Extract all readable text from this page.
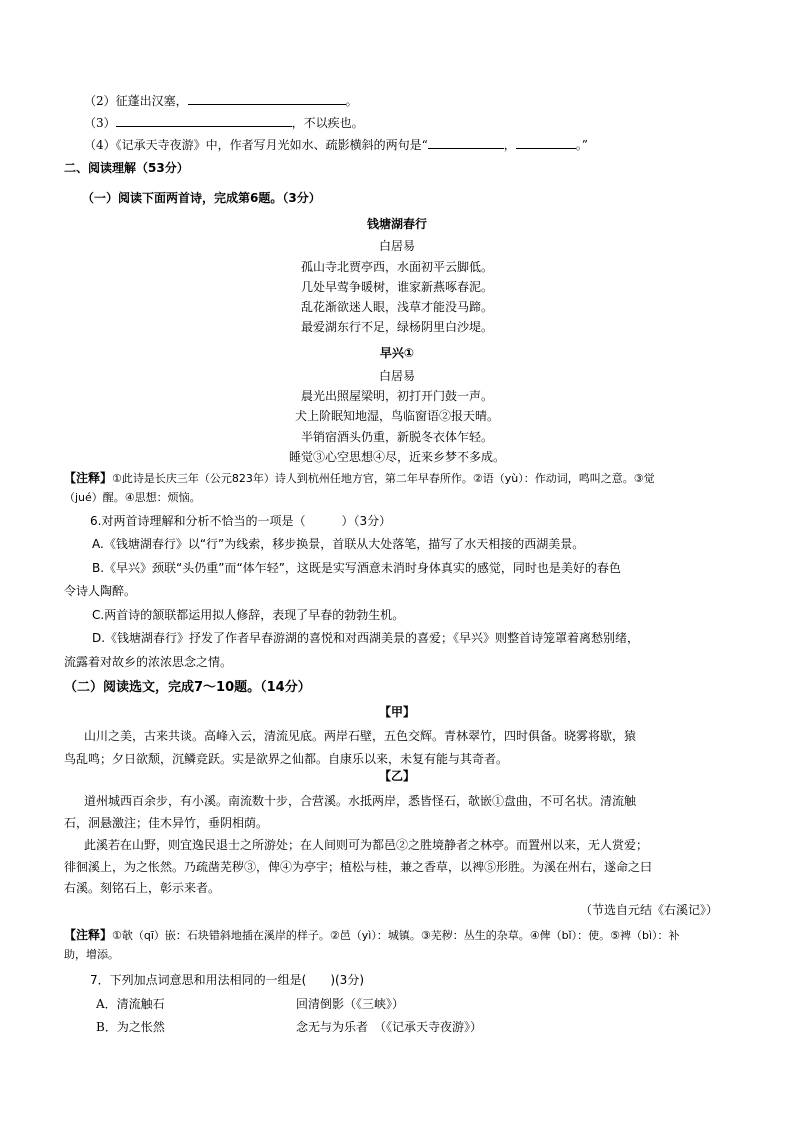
（2）征蓬出汉塞，	。
（3）	，不以疾也。
（4）《记承天寺夜游》中，作者写月光如水、疏影横斜的两句是“	，	。”
二、阅读理解（53分）
（一）阅读下面两首诗，完成第6题。（3分）
钱塘湖春行
白居易
孤山寺北贾亭西，水面初平云脚低。
几处早莺争暖树，谁家新燕啄春泥。
乱花渐欲迷人眼，浅草才能没马蹄。
最爱湖东行不足，绿杨阴里白沙堤。
早兴①
白居易
晨光出照屋梁明，初打开门鼓一声。
犬上阶眠知地湿，鸟临窗语②报天晴。
半销宿酒头仍重，新脱冬衣体乍轻。
睡觉③心空思想④尽，近来乡梦不多成。
【注释】①此诗是长庆三年（公元823年）诗人到杭州任地方官，第二年早春所作。②语（yù）：作动词，鸣叫之意。③觉
（jué）醒。④思想：烦恼。
6.对两首诗理解和分析不恰当的一项是（　　　）（3分）
A.《钱塘湖春行》以“行”为线索，移步换景，首联从大处落笔，描写了水天相接的西湖美景。
B.《早兴》颈联“头仍重”而“体乍轻”，这既是实写酒意未消时身体真实的感觉，同时也是美好的春色
令诗人陶醉。
C.两首诗的颔联都运用拟人修辞，表现了早春的勃勃生机。
D.《钱塘湖春行》抒发了作者早春游湖的喜悦和对西湖美景的喜爱；《早兴》则整首诗笼罩着离愁别绪，
流露着对故乡的浓浓思念之情。
（二）阅读选文，完成7～10题。（14分）
【甲】
山川之美，古来共谈。高峰入云，清流见底。两岸石壁，五色交辉。青林翠竹，四时俱备。晓雾将歇，猿
鸟乱鸣；夕日欲颓，沉鳞竞跃。实是欲界之仙都。自康乐以来，未复有能与其奇者。
【乙】
道州城西百余步，有小溪。南流数十步，合营溪。水抵两岸，悉皆怪石，欹嵌①盘曲，不可名状。清流触
石，洄悬激注；佳木异竹，垂阴相荫。
此溪若在山野，则宜逸民退士之所游处；在人间则可为都邑②之胜境静者之林亭。而置州以来，无人赏爱；
徘徊溪上，为之怅然。乃疏凿芜秽③，俾④为亭宇；植松与桂，兼之香草，以裨⑤形胜。为溪在州右，遂命之曰
右溪。刻铭石上，彰示来者。
（节选自元结《右溪记》）
【注释】①欹（qī）嵌：石块错斜地插在溪岸的样子。②邑（yì）：城镇。③芜秽：丛生的杂草。④俾（bǐ）：使。⑤裨（bì）：补
助，增添。
7．下列加点词意思和用法相同的一组是(　　)(3分)
A．清流触石	回清倒影（《三峡》）
B．为之怅然	念无与为乐者　（《记承天寺夜游》）
